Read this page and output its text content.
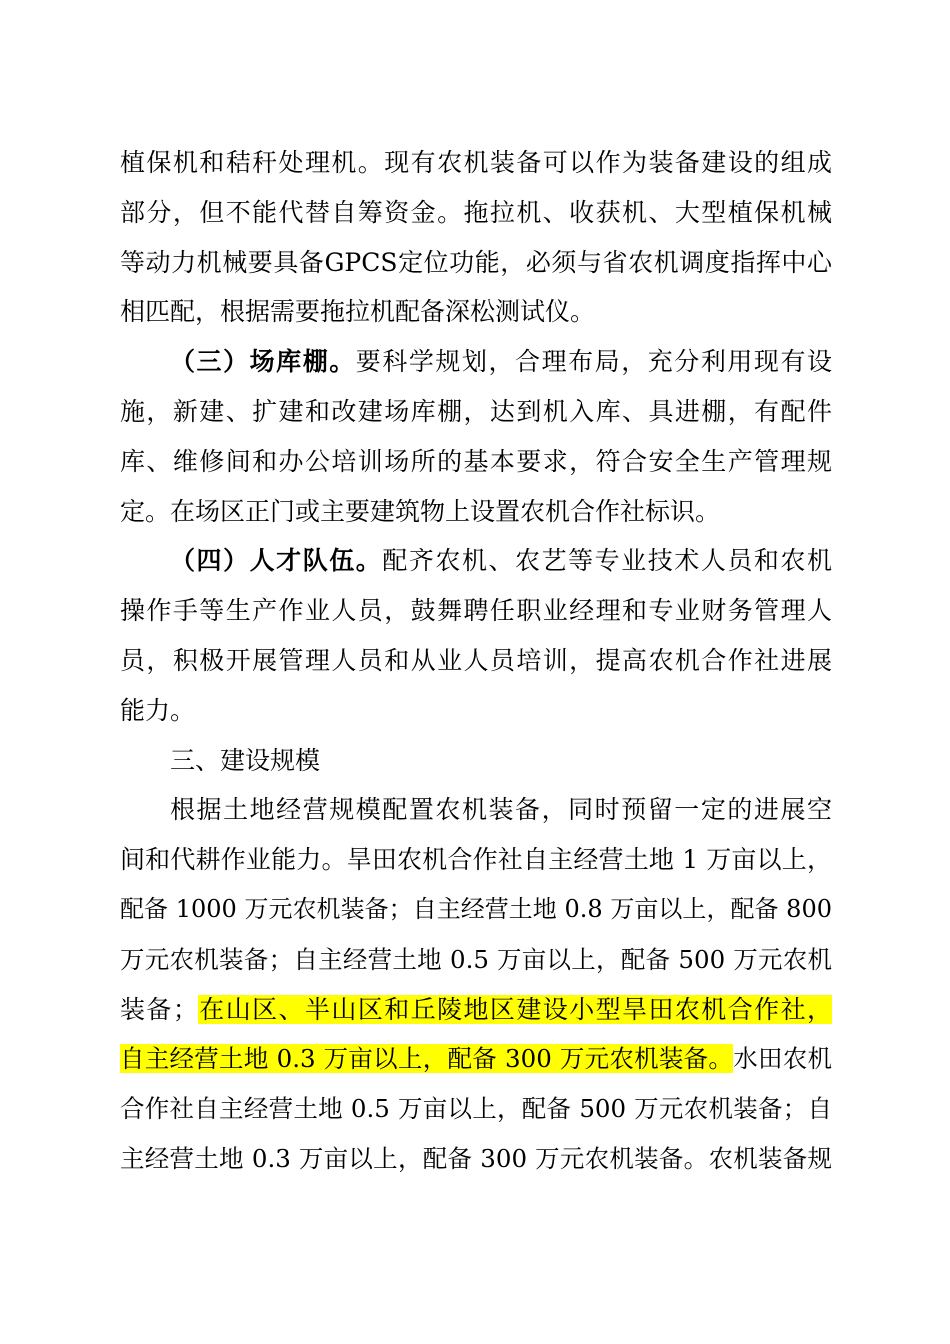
植保机和秸秆处理机。现有农机装备可以作为装备建设的组成
部分，但不能代替自筹资金。拖拉机、收获机、大型植保机械
等动力机械要具备GPCS定位功能，必须与省农机调度指挥中心
相匹配，根据需要拖拉机配备深松测试仪。
（三）场库棚。要科学规划，合理布局，充分利用现有设
施，新建、扩建和改建场库棚，达到机入库、具进棚，有配件
库、维修间和办公培训场所的基本要求，符合安全生产管理规
定。在场区正门或主要建筑物上设置农机合作社标识。
（四）人才队伍。配齐农机、农艺等专业技术人员和农机
操作手等生产作业人员，鼓舞聘任职业经理和专业财务管理人
员，积极开展管理人员和从业人员培训，提高农机合作社进展
能力。
三、建设规模
根据土地经营规模配置农机装备，同时预留一定的进展空
间和代耕作业能力。旱田农机合作社自主经营土地 1 万亩以上，
配备 1000 万元农机装备；自主经营土地 0.8 万亩以上，配备 800
万元农机装备；自主经营土地 0.5 万亩以上，配备 500 万元农机
装备；在山区、半山区和丘陵地区建设小型旱田农机合作社，
自主经营土地 0.3 万亩以上，配备 300 万元农机装备。水田农机
合作社自主经营土地 0.5 万亩以上，配备 500 万元农机装备；自
主经营土地 0.3 万亩以上，配备 300 万元农机装备。农机装备规
